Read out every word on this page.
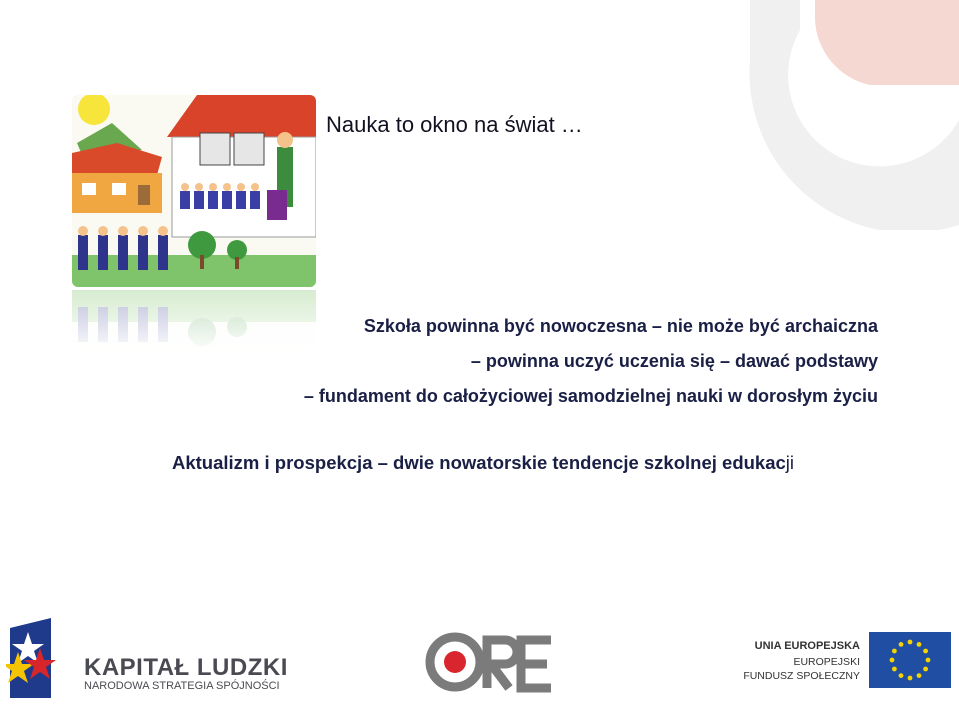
Nauka to okno na świat …
Szkoła powinna być nowoczesna – nie może być archaiczna
– powinna uczyć uczenia się – dawać podstawy
– fundament do całożyciowej samodzielnej nauki w dorosłym życiu
Aktualizm i prospekcja – dwie nowatorskie tendencje szkolnej edukacji
KAPITAŁ LUDZKI
NARODOWA STRATEGIA SPÓJNOŚCI
UNIA EUROPEJSKA
EUROPEJSKI
FUNDUSZ SPOŁECZNY
